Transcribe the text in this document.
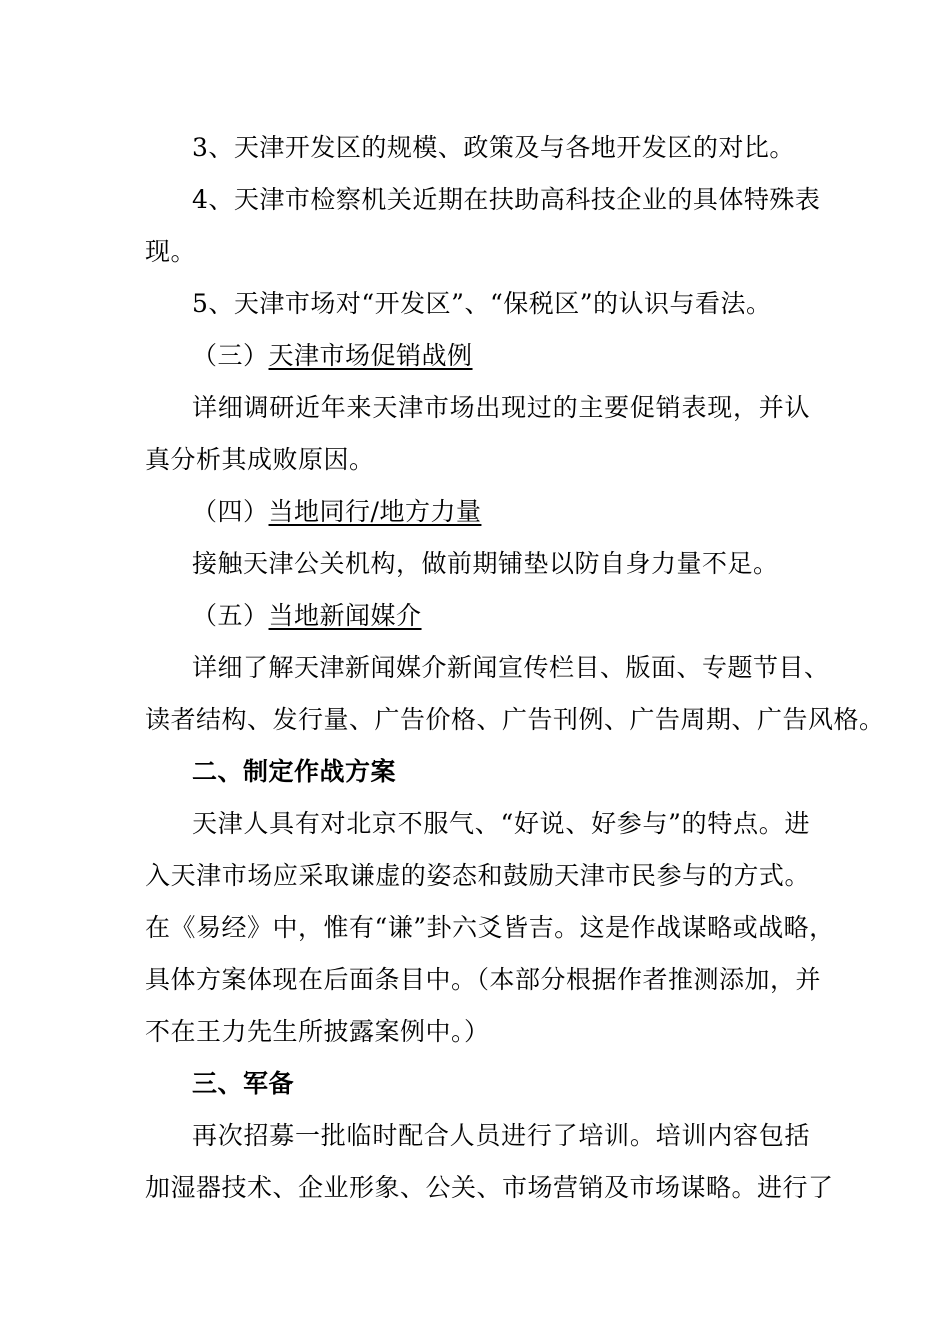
3、天津开发区的规模、政策及与各地开发区的对比。
4、天津市检察机关近期在扶助高科技企业的具体特殊表
现。
5、天津市场对“开发区”、“保税区”的认识与看法。
（三）天津市场促销战例
详细调研近年来天津市场出现过的主要促销表现，并认
真分析其成败原因。
（四）当地同行/地方力量
接触天津公关机构，做前期铺垫以防自身力量不足。
（五）当地新闻媒介
详细了解天津新闻媒介新闻宣传栏目、版面、专题节目、
读者结构、发行量、广告价格、广告刊例、广告周期、广告风格。
二、制定作战方案
天津人具有对北京不服气、“好说、好参与”的特点。进
入天津市场应采取谦虚的姿态和鼓励天津市民参与的方式。
在《易经》中，惟有“谦”卦六爻皆吉。这是作战谋略或战略，
具体方案体现在后面条目中。（本部分根据作者推测添加，并
不在王力先生所披露案例中。）
三、军备
再次招募一批临时配合人员进行了培训。培训内容包括
加湿器技术、企业形象、公关、市场营销及市场谋略。进行了
